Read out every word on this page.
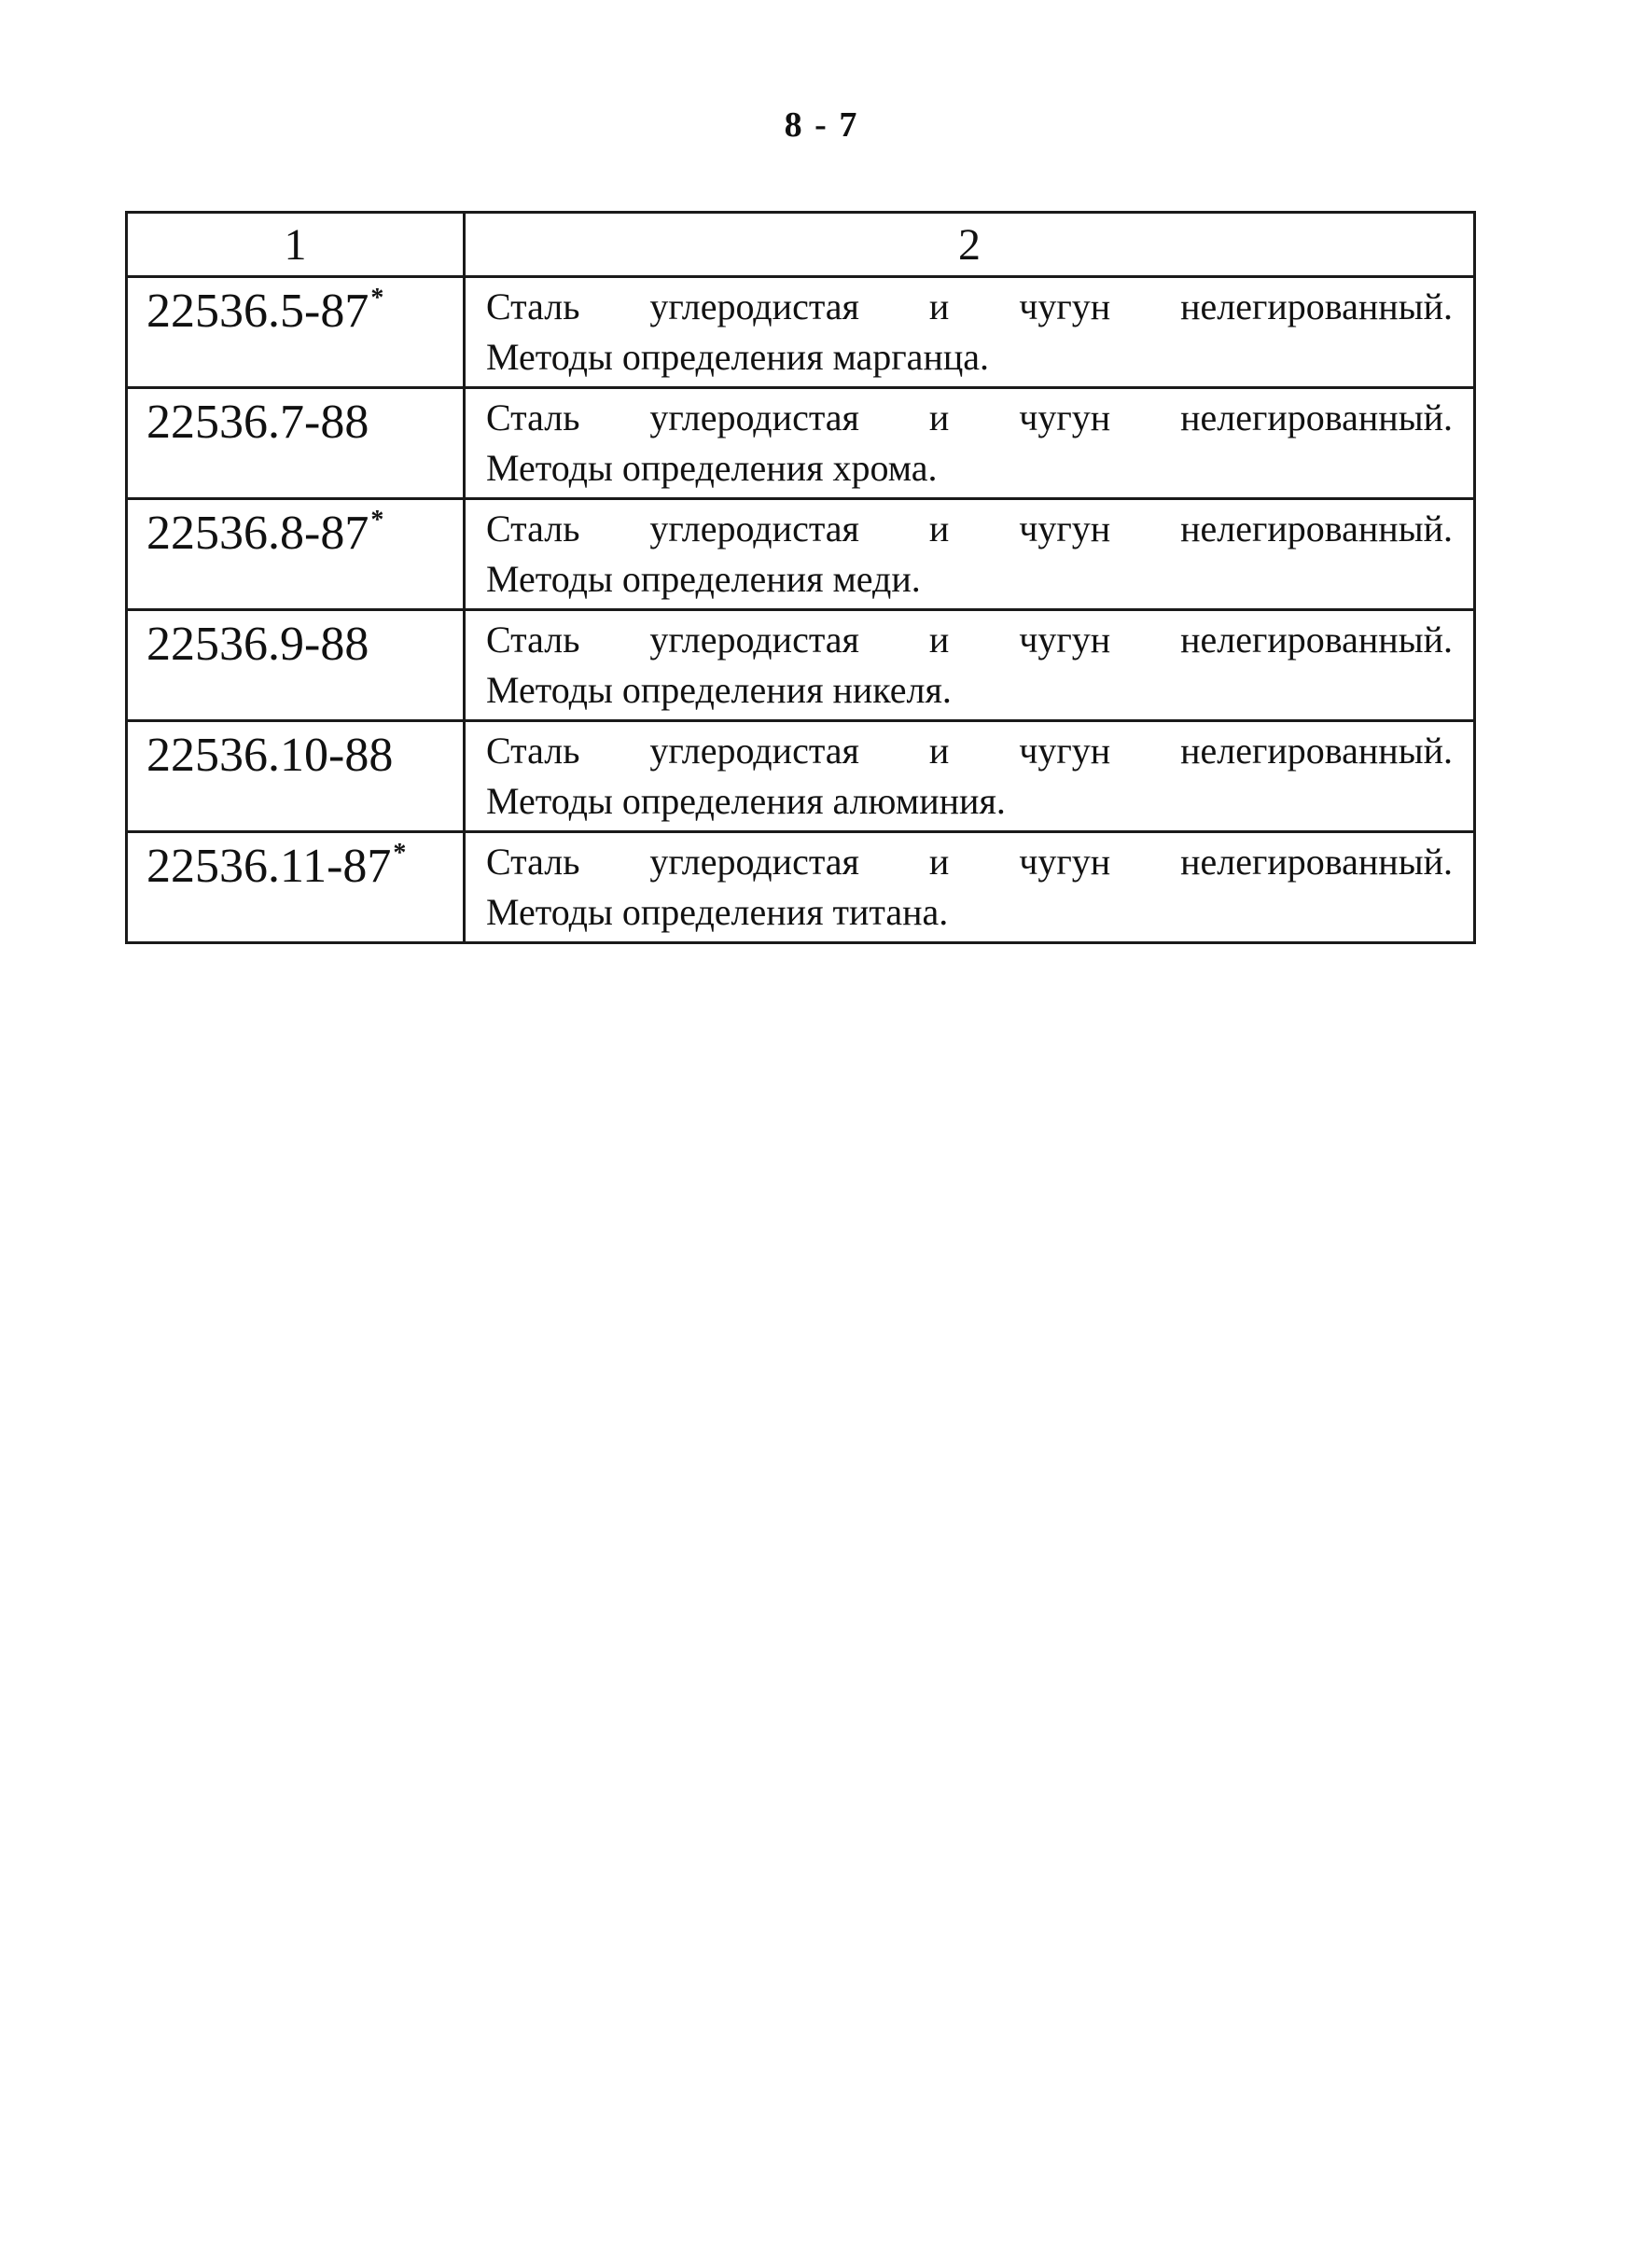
8 - 7
1	2
22536.5-87*	Сталь углеродистая и чугун нелегированный.
Методы определения марганца.

22536.7-88	Сталь углеродистая и чугун нелегированный.
Методы определения хрома.

22536.8-87*	Сталь углеродистая и чугун нелегированный.
Методы определения меди.

22536.9-88	Сталь углеродистая и чугун нелегированный.
Методы определения никеля.

22536.10-88	Сталь углеродистая и чугун нелегированный.
Методы определения алюминия.

22536.11-87*	Сталь углеродистая и чугун нелегированный.
Методы определения титана.
